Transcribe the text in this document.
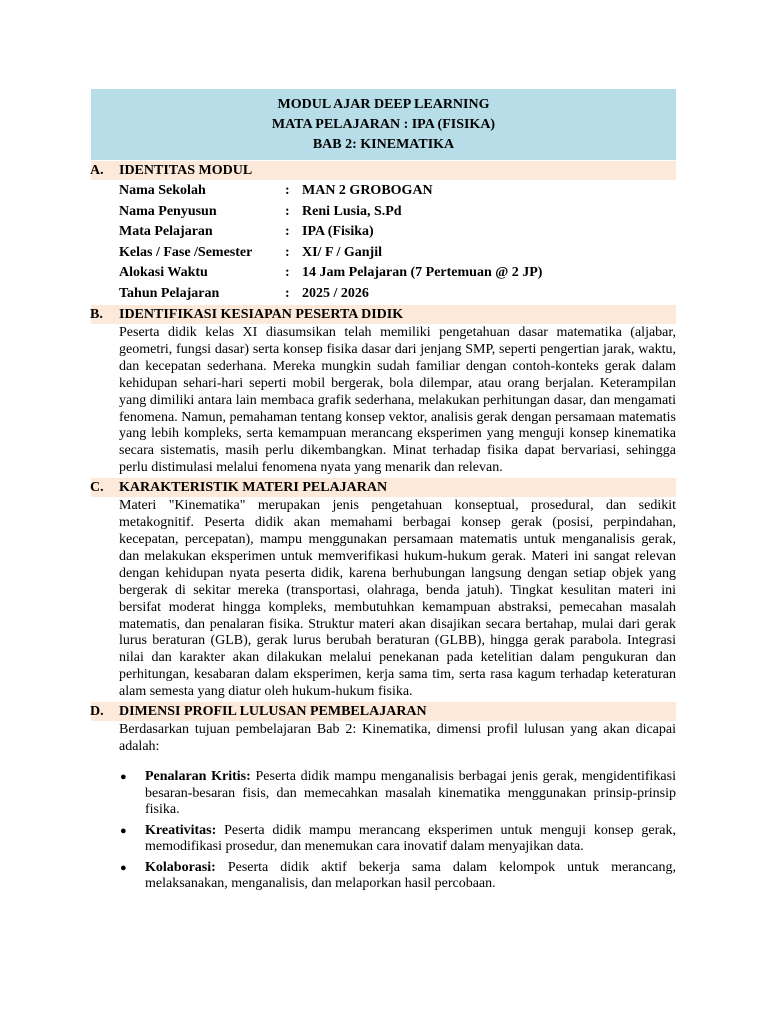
MODUL AJAR DEEP LEARNING
MATA PELAJARAN : IPA (FISIKA)
BAB 2: KINEMATIKA
A.	IDENTITAS MODUL
Nama Sekolah	: MAN 2 GROBOGAN
Nama Penyusun	: Reni Lusia, S.Pd
Mata Pelajaran	: IPA (Fisika)
Kelas / Fase /Semester	: XI/ F / Ganjil
Alokasi Waktu	: 14 Jam Pelajaran (7 Pertemuan @ 2 JP)
Tahun Pelajaran	: 2025 / 2026
B.	IDENTIFIKASI KESIAPAN PESERTA DIDIK

Peserta didik kelas XI diasumsikan telah memiliki pengetahuan dasar matematika (aljabar, geometri, fungsi dasar) serta konsep fisika dasar dari jenjang SMP, seperti pengertian jarak, waktu, dan kecepatan sederhana. Mereka mungkin sudah familiar dengan contoh-konteks gerak dalam kehidupan sehari-hari seperti mobil bergerak, bola dilempar, atau orang berjalan. Keterampilan yang dimiliki antara lain membaca grafik sederhana, melakukan perhitungan dasar, dan mengamati fenomena. Namun, pemahaman tentang konsep vektor, analisis gerak dengan persamaan matematis yang lebih kompleks, serta kemampuan merancang eksperimen yang menguji konsep kinematika secara sistematis, masih perlu dikembangkan. Minat terhadap fisika dapat bervariasi, sehingga perlu distimulasi melalui fenomena nyata yang menarik dan relevan.

C.	KARAKTERISTIK MATERI PELAJARAN

Materi "Kinematika" merupakan jenis pengetahuan konseptual, prosedural, dan sedikit metakognitif. Peserta didik akan memahami berbagai konsep gerak (posisi, perpindahan, kecepatan, percepatan), mampu menggunakan persamaan matematis untuk menganalisis gerak, dan melakukan eksperimen untuk memverifikasi hukum-hukum gerak. Materi ini sangat relevan dengan kehidupan nyata peserta didik, karena berhubungan langsung dengan setiap objek yang bergerak di sekitar mereka (transportasi, olahraga, benda jatuh). Tingkat kesulitan materi ini bersifat moderat hingga kompleks, membutuhkan kemampuan abstraksi, pemecahan masalah matematis, dan penalaran fisika. Struktur materi akan disajikan secara bertahap, mulai dari gerak lurus beraturan (GLB), gerak lurus berubah beraturan (GLBB), hingga gerak parabola. Integrasi nilai dan karakter akan dilakukan melalui penekanan pada ketelitian dalam pengukuran dan perhitungan, kesabaran dalam eksperimen, kerja sama tim, serta rasa kagum terhadap keteraturan alam semesta yang diatur oleh hukum-hukum fisika.

D.	DIMENSI PROFIL LULUSAN PEMBELAJARAN

Berdasarkan tujuan pembelajaran Bab 2: Kinematika, dimensi profil lulusan yang akan dicapai adalah:

● Penalaran Kritis: Peserta didik mampu menganalisis berbagai jenis gerak, mengidentifikasi besaran-besaran fisis, dan memecahkan masalah kinematika menggunakan prinsip-prinsip fisika.
● Kreativitas: Peserta didik mampu merancang eksperimen untuk menguji konsep gerak, memodifikasi prosedur, dan menemukan cara inovatif dalam menyajikan data.
● Kolaborasi: Peserta didik aktif bekerja sama dalam kelompok untuk merancang, melaksanakan, menganalisis, dan melaporkan hasil percobaan.
